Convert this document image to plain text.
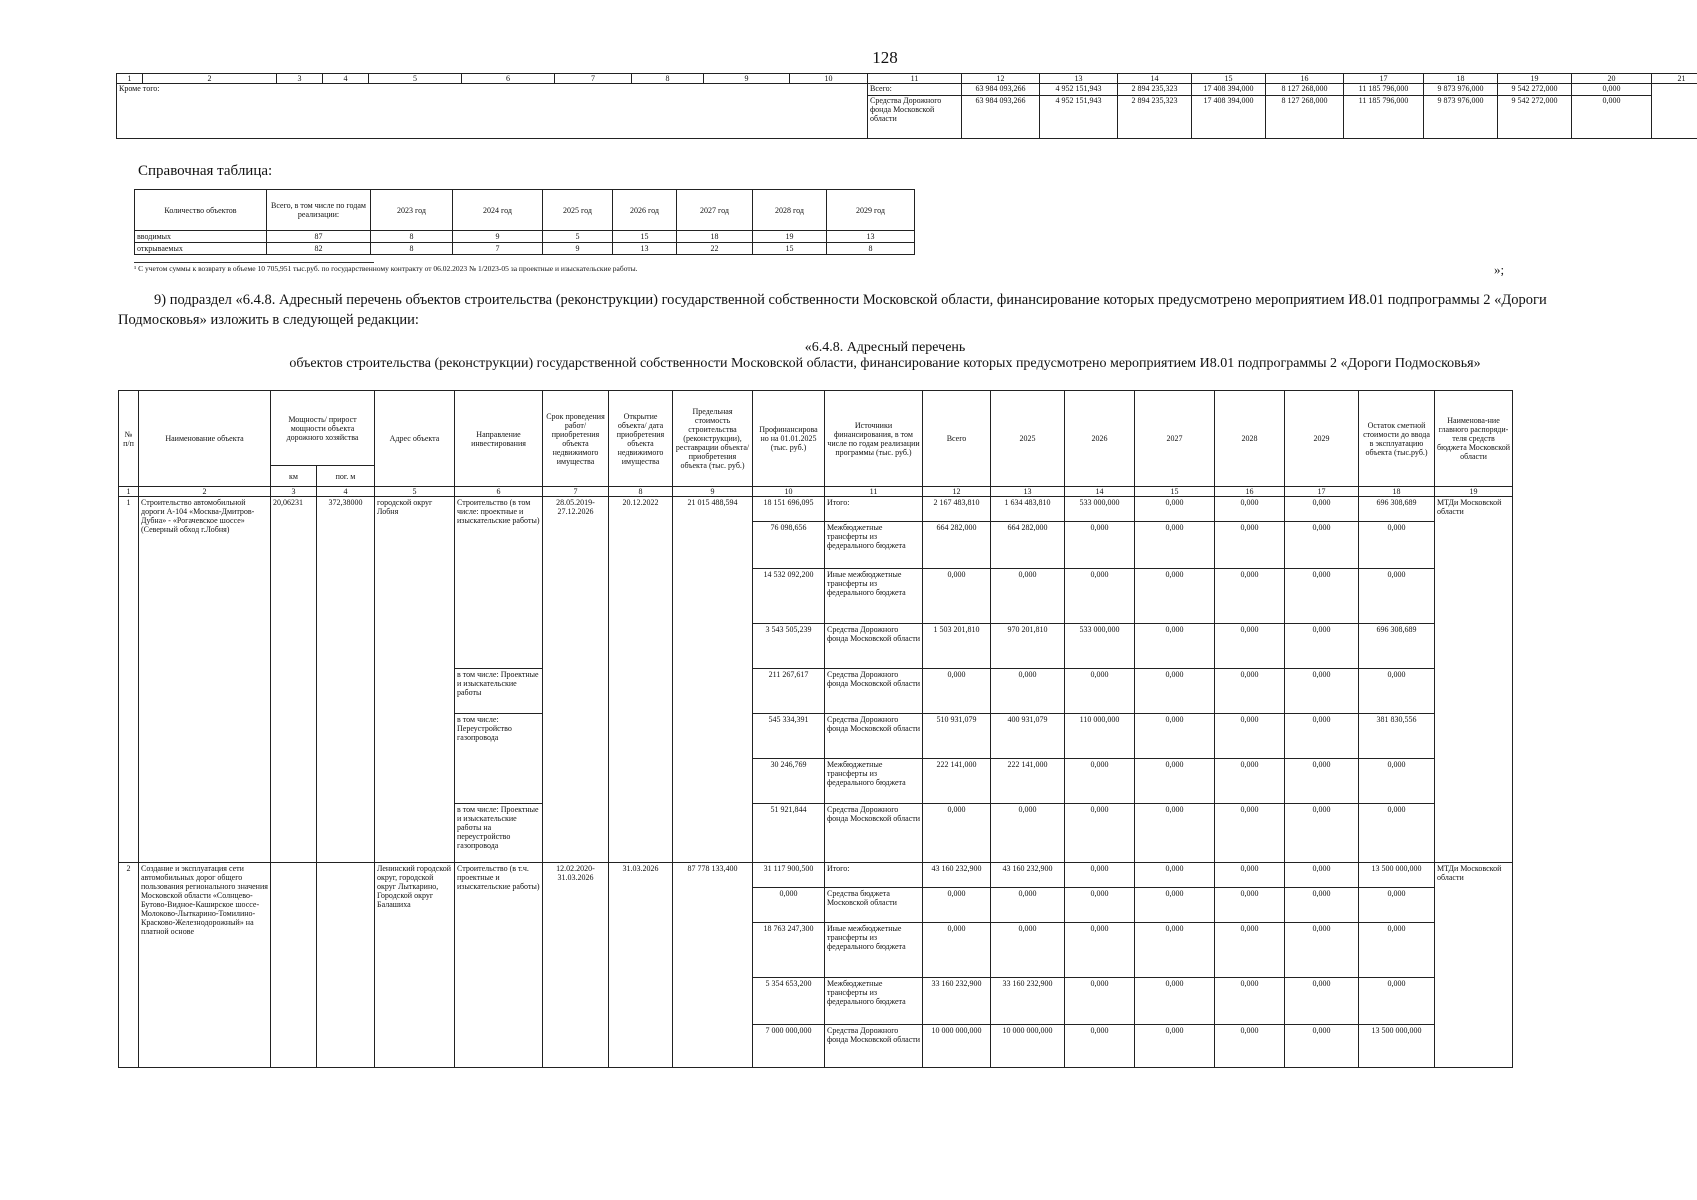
128
1	2	3	4	5	6	7	8	9	10	11	12	13	14	15	16	17	18	19	20	21
Кроме того:										Всего:	63 984 093,266	4 952 151,943	2 894 235,323	17 408 394,000	8 127 268,000	11 185 796,000	9 873 976,000	9 542 272,000	0,000	
										Средства Дорожного фонда Московской области	63 984 093,266	4 952 151,943	2 894 235,323	17 408 394,000	8 127 268,000	11 185 796,000	9 873 976,000	9 542 272,000	0,000	
Справочная таблица:
Количество объектов	Всего, в том числе по годам реализации:	2023 год	2024 год	2025 год	2026 год	2027 год	2028 год	2029 год
вводимых	87	8	9	5	15	18	19	13
открываемых	82	8	7	9	13	22	15	8
¹ С учетом суммы к возврату в объеме 10 705,951 тыс.руб. по государственному контракту от 06.02.2023 № 1/2023-05 за проектные и изыскательские работы.	»;
9) подраздел «6.4.8. Адресный перечень объектов строительства (реконструкции) государственной собственности Московской области, финансирование которых предусмотрено мероприятием И8.01 подпрограммы 2 «Дороги Подмосковья» изложить в следующей редакции:
«6.4.8. Адресный перечень
объектов строительства (реконструкции) государственной собственности Московской области, финансирование которых предусмотрено мероприятием И8.01 подпрограммы 2 «Дороги Подмосковья»
№ п/п	Наименование объекта	Мощность/ прирост мощности объекта дорожного хозяйства		Адрес объекта	Направление инвестирования	Срок проведения работ/ приобретения объекта недвижимого имущества	Открытие объекта/ дата приобретения объекта недвижимого имущества	Предельная стоимость строительства (реконструкции), реставрации объекта/ приобретения объекта (тыс. руб.)	Профинансирова но на 01.01.2025 (тыс. руб.)	Источники финансирования, в том числе по годам реализации программы (тыс. руб.)	Всего	2025	2026	2027	2028	2029	Остаток сметной стоимости до ввода в эксплуатацию объекта (тыс.руб.)	Наименова-ние главного распоряди-теля средств бюджета Московской области
		км	пог. м															
1	2	3	4	5	6	7	8	9	10	11	12	13	14	15	16	17	18	19
1	Строительство автомобильной дороги А-104 «Москва-Дмитров-Дубна» - «Рогачевское шоссе» (Северный обход г.Лобня)	20,06231	372,38000	городской округ Лобня	Строительство (в том числе: проектные и изыскательские работы)	28.05.2019-27.12.2026	20.12.2022	21 015 488,594	18 151 696,095	Итого:	2 167 483,810	1 634 483,810	533 000,000	0,000	0,000	0,000	696 308,689	МТДи Московской области
									76 098,656	Межбюджетные трансферты из федерального бюджета	664 282,000	664 282,000	0,000	0,000	0,000	0,000	0,000	
									14 532 092,200	Иные межбюджетные трансферты из федерального бюджета	0,000	0,000	0,000	0,000	0,000	0,000	0,000	
									3 543 505,239	Средства Дорожного фонда Московской области	1 503 201,810	970 201,810	533 000,000	0,000	0,000	0,000	696 308,689	
					в том числе: Проектные и изыскательские работы				211 267,617	Средства Дорожного фонда Московской области	0,000	0,000	0,000	0,000	0,000	0,000	0,000	
					в том числе: Переустройство газопровода				545 334,391	Средства Дорожного фонда Московской области	510 931,079	400 931,079	110 000,000	0,000	0,000	0,000	381 830,556	
									30 246,769	Межбюджетные трансферты из федерального бюджета	222 141,000	222 141,000	0,000	0,000	0,000	0,000	0,000	
					в том числе: Проектные и изыскательские работы на переустройство газопровода				51 921,844	Средства Дорожного фонда Московской области	0,000	0,000	0,000	0,000	0,000	0,000	0,000	
2	Создание и эксплуатация сети автомобильных дорог общего пользования регионального значения Московской области «Солнцево-Бутово-Видное-Каширское шоссе-Молоково-Лыткарино-Томилино- Красково-Железнодорожный» на платной основе			Ленинский городской округ, городской округ Лыткарино, Городской округ Балашиха	Строительство (в т.ч. проектные и изыскательские работы)	12.02.2020-31.03.2026	31.03.2026	87 778 133,400	31 117 900,500	Итого:	43 160 232,900	43 160 232,900	0,000	0,000	0,000	0,000	13 500 000,000	МТДи Московской области
									0,000	Средства бюджета Московской области	0,000	0,000	0,000	0,000	0,000	0,000	0,000	
									18 763 247,300	Иные межбюджетные трансферты из федерального бюджета	0,000	0,000	0,000	0,000	0,000	0,000	0,000	
									5 354 653,200	Межбюджетные трансферты из федерального бюджета	33 160 232,900	33 160 232,900	0,000	0,000	0,000	0,000	0,000	
									7 000 000,000	Средства Дорожного фонда Московской области	10 000 000,000	10 000 000,000	0,000	0,000	0,000	0,000	13 500 000,000	
